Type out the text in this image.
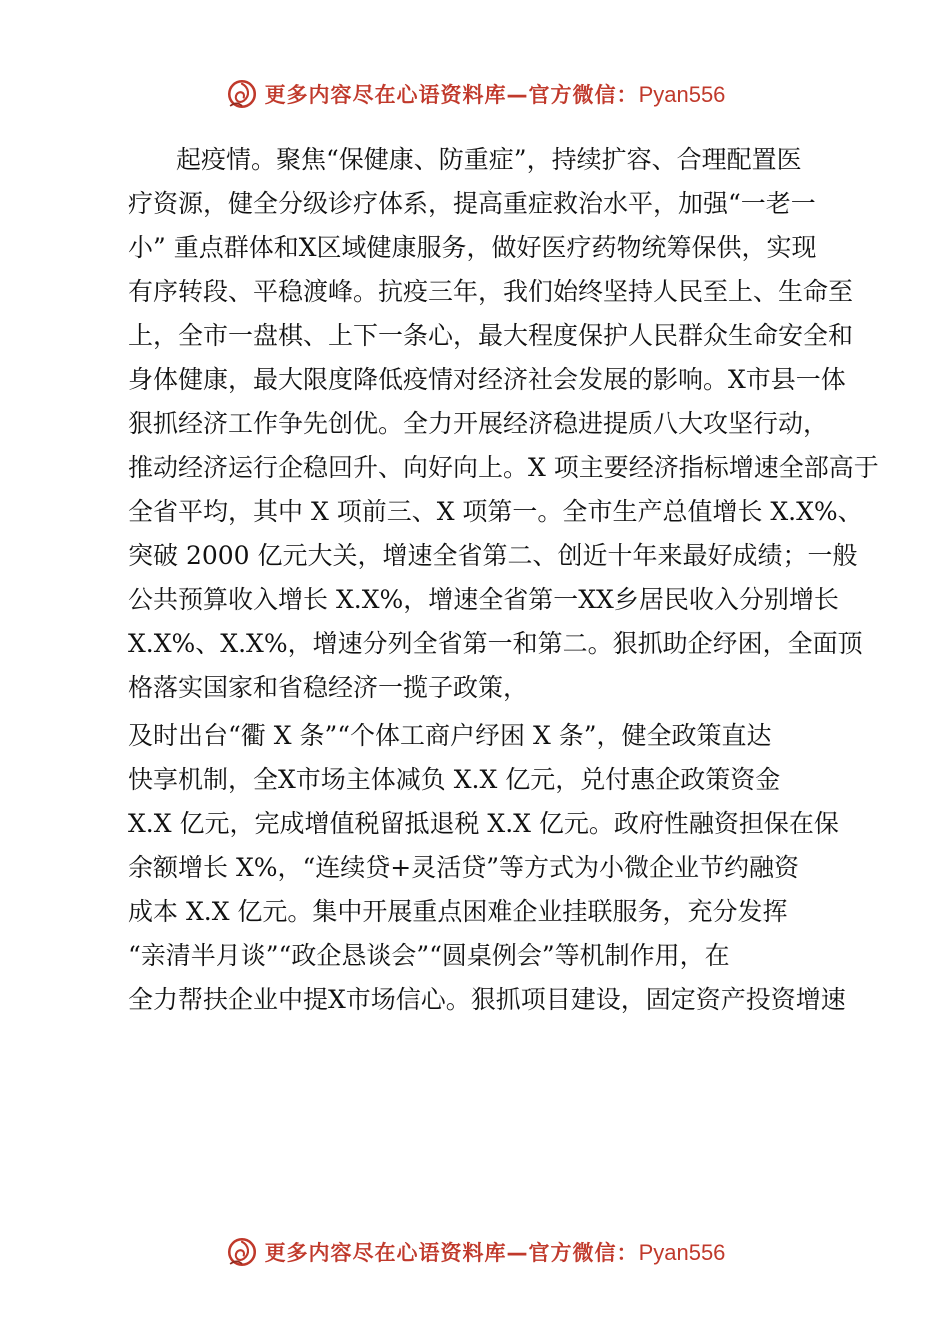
更多内容尽在心语资料库—官方微信： Pyan556
起疫情。聚焦“保健康、防重症”，持续扩容、合理配置医
疗资源，健全分级诊疗体系，提高重症救治水平，加强“一老一
小” 重点群体和X区域健康服务，做好医疗药物统筹保供，实现
有序转段、平稳渡峰。抗疫三年，我们始终坚持人民至上、生命至
上，全市一盘棋、上下一条心，最大程度保护人民群众生命安全和
身体健康，最大限度降低疫情对经济社会发展的影响。X市县一体
狠抓经济工作争先创优。全力开展经济稳进提质八大攻坚行动，
推动经济运行企稳回升、向好向上。X 项主要经济指标增速全部高于
全省平均，其中 X 项前三、X 项第一。全市生产总值增长 X.X%、
突破 2000 亿元大关，增速全省第二、创近十年来最好成绩；一般
公共预算收入增长 X.X%，增速全省第一XX乡居民收入分别增长
X.X%、X.X%，增速分列全省第一和第二。狠抓助企纾困，全面顶
格落实国家和省稳经济一揽子政策，
及时出台“衢 X 条”“个体工商户纾困 X 条”，健全政策直达
快享机制，全X市场主体减负 X.X 亿元，兑付惠企政策资金
X.X 亿元，完成增值税留抵退税 X.X 亿元。政府性融资担保在保
余额增长 X%，“连续贷+灵活贷”等方式为小微企业节约融资
成本 X.X 亿元。集中开展重点困难企业挂联服务，充分发挥
“亲清半月谈”“政企恳谈会”“圆桌例会”等机制作用，在
全力帮扶企业中提X市场信心。狠抓项目建设，固定资产投资增速
更多内容尽在心语资料库—官方微信： Pyan556
